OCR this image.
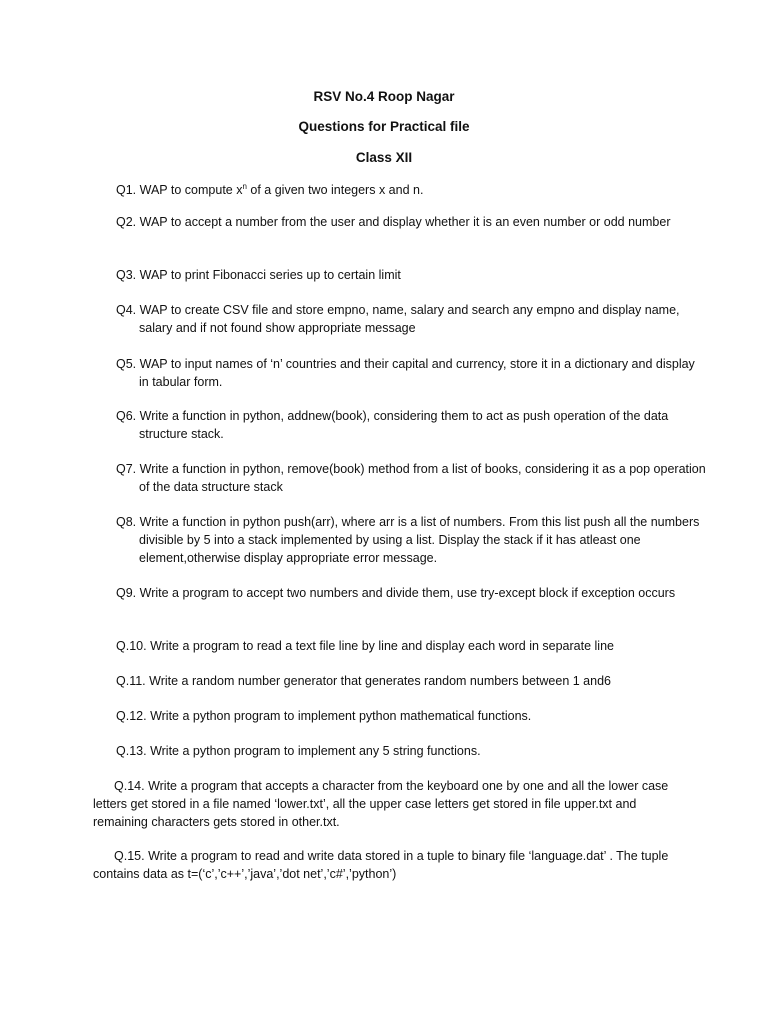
RSV No.4 Roop Nagar
Questions for Practical file
Class XII
Q1. WAP to compute $x^n$ of a given two integers x and n.
Q2. WAP to accept a number from the user and display whether it is an even number or odd number
Q3. WAP to print Fibonacci series up to certain limit
Q4. WAP to create CSV file and store empno, name, salary and search any empno and display name, salary and if not found show appropriate message
Q5. WAP to input names of ‘n’ countries and their capital and currency, store it in a dictionary and display in tabular form.
Q6. Write a function in python, addnew(book), considering them to act as push operation of the data structure stack.
Q7. Write a function in python, remove(book) method from a list of books, considering it as a pop operation of the data structure stack
Q8. Write a function in python push(arr), where arr is a list of numbers. From this list push all the numbers divisible by 5 into a stack implemented by using a list. Display the stack if it has atleast one element,otherwise display appropriate error message.
Q9. Write a program to accept two numbers and divide them, use try-except block if exception occurs
Q.10. Write a program to read a text file line by line and display each word in separate line
Q.11. Write a random number generator that generates random numbers between 1 and6
Q.12. Write a python program to implement python mathematical functions.
Q.13. Write a python program to implement any 5 string functions.
Q.14. Write a program that accepts a character from the keyboard one by one and all the lower case letters get stored in a file named ‘lower.txt’, all the upper case letters get stored in file upper.txt and remaining characters gets stored in other.txt.
Q.15. Write a program to read and write data stored in a tuple to binary file ‘language.dat’ . The tuple contains data as t=(‘c’,’c++’,’java’,’dot net’,’c#’,’python’)
